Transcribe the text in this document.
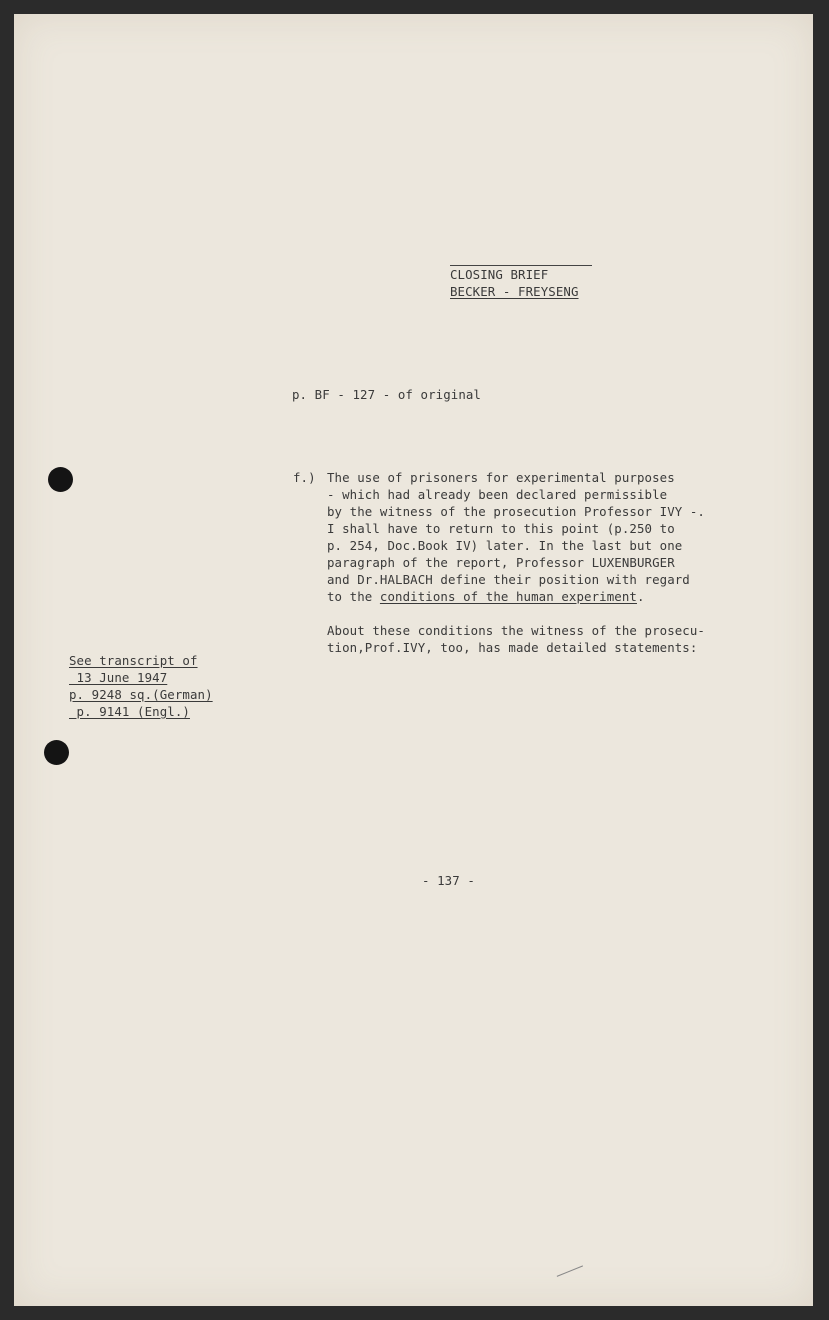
CLOSING BRIEF
BECKER - FREYSENG
p. BF - 127 - of original
f.) The use of prisoners for experimental purposes
- which had already been declared permissible
by the witness of the prosecution Professor IVY -.
I shall have to return to this point (p.250 to
p. 254, Doc.Book IV) later. In the last but one
paragraph of the report, Professor LUXENBURGER
and Dr.HALBACH define their position with regard
to the conditions of the human experiment.
About these conditions the witness of the prosecu-
tion,Prof.IVY, too, has made detailed statements:
See transcript of
13 June 1947
p. 9248 sq.(German)
p. 9141 (Engl.)
- 137 -
